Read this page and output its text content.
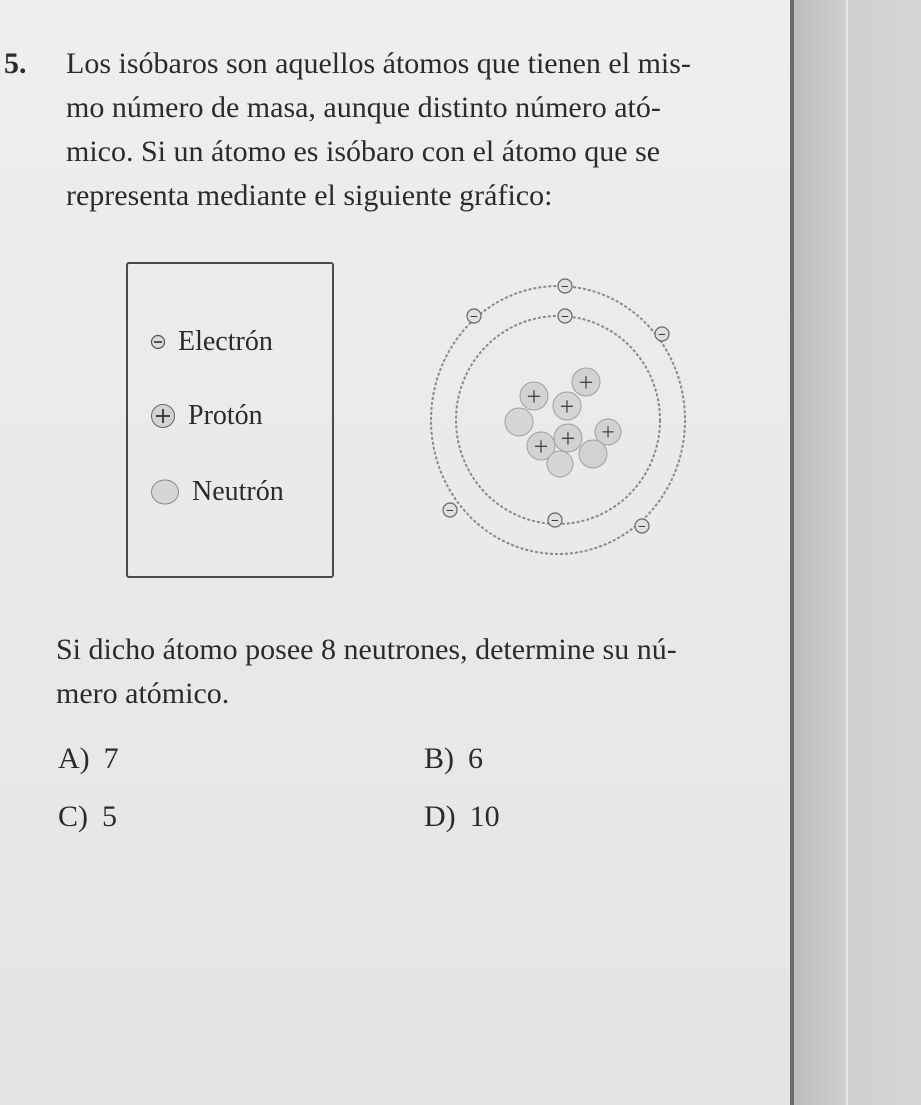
5. Los isóbaros son aquellos átomos que tienen el mis-
mo número de masa, aunque distinto número ató-
mico. Si un átomo es isóbaro con el átomo que se
representa mediante el siguiente gráfico:
Electrón
Protón
Neutrón
+ +
+
+ + +
−
−	−
−
−
−	−
Si dicho átomo posee 8 neutrones, determine su nú-
mero atómico.
A) 7	B) 6
C) 5	D) 10
